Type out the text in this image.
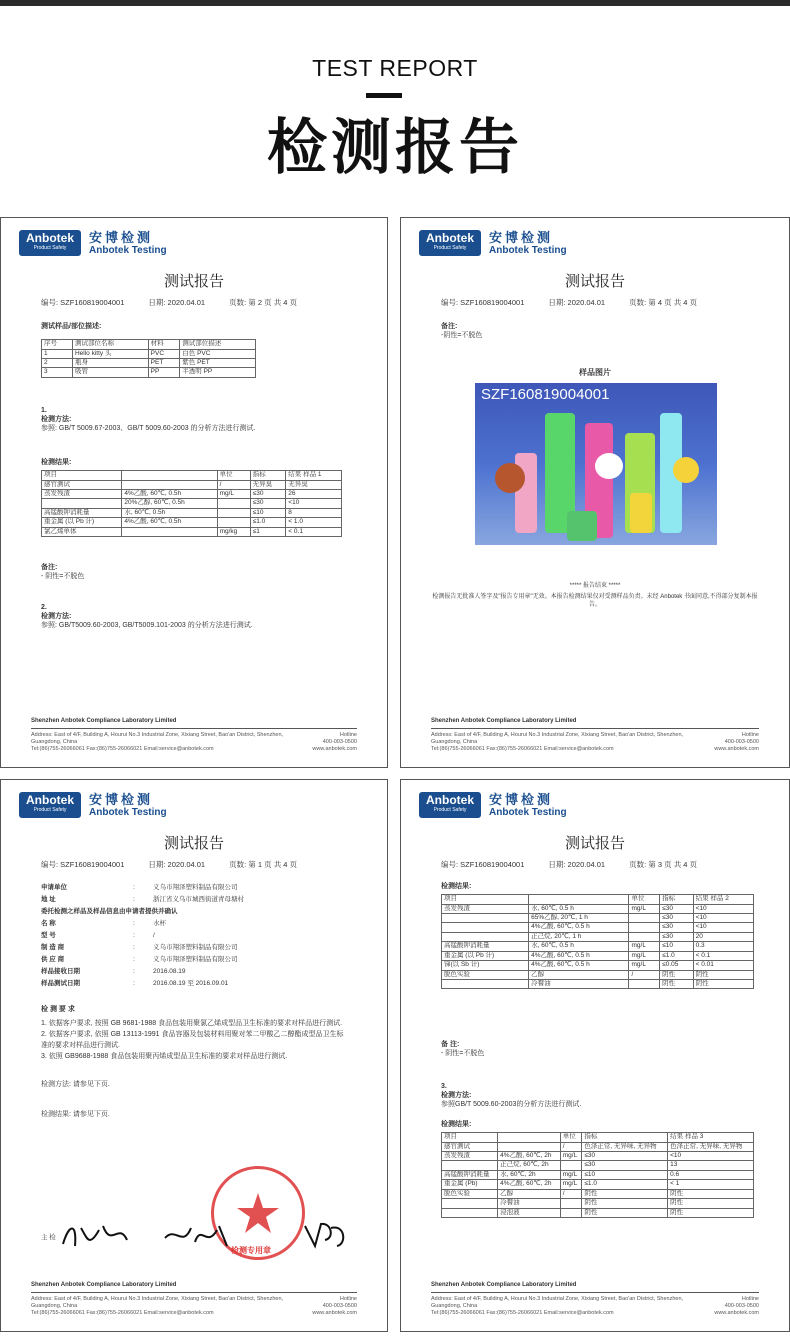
TEST REPORT
检测报告
Anbotek
Product Safety
安博检测
Anbotek Testing
测试报告
编号: SZF160819004001	日期: 2020.04.01	页数: 第 2 页 共 4 页
测试样品/部位描述:
序号	测试部位名称	材料	测试部位描述
1	Hello kitty 头	PVC	白色 PVC
2	瓶身	PET	紫色 PET
3	吸管	PP	半透明 PP
1.
检测方法:
参照: GB/T 5009.67-2003、GB/T 5009.60-2003 的分析方法进行测试.
检测结果:
项目		单位	指标	结果 样品 1
感官测试		/	无异臭	无异臭
蒸发残渣	4%乙酸, 60℃, 0.5h	mg/L	≤30	26
	20%乙醇, 60℃, 0.5h		≤30	<10
高锰酸钾消耗量	水, 60℃, 0.5h		≤10	8
重金属 (以 Pb 计)	4%乙酸, 60℃, 0.5h		≤1.0	< 1.0
氯乙烯单体		mg/kg	≤1	< 0.1
备注:
- 阴性=不脱色
2.
检测方法:
参照: GB/T5009.60-2003, GB/T5009.101-2003 的分析方法进行测试.
Shenzhen Anbotek Compliance Laboratory Limited
Address: East of 4/F, Building A, Hourui No.3 Industrial Zone, Xixiang Street, Bao'an District, Shenzhen, Guangdong, China
Tel:(86)755-26066061 Fax:(86)755-26066021 Email:service@anbotek.com
Hotline
400-003-0500
www.anbotek.com
Anbotek
Product Safety
安博检测
Anbotek Testing
测试报告
编号: SZF160819004001	日期: 2020.04.01	页数: 第 4 页 共 4 页
备注:
-阴性=不脱色
样品图片
SZF160819004001
***** 报告结束 *****
检测报告无批准人签字及"报告专用章"无效。本报告检测结果仅对受测样品负责。未经 Anbotek 书面同意,不得部分复制本报告。
Shenzhen Anbotek Compliance Laboratory Limited
Address: East of 4/F, Building A, Hourui No.3 Industrial Zone, Xixiang Street, Bao'an District, Shenzhen, Guangdong, China
Tel:(86)755-26066061 Fax:(86)755-26066021 Email:service@anbotek.com
Hotline
400-003-0500
www.anbotek.com
Anbotek
Product Safety
安博检测
Anbotek Testing
测试报告
编号: SZF160819004001	日期: 2020.04.01	页数: 第 1 页 共 4 页
申请单位	:	义乌市翔泽塑料制品有限公司
地 址	:	浙江省义乌市城西街道青母塘村
委托检测之样品及样品信息由申请者提供并确认
名 称	:	水杯
型 号	:	/
制 造 商	:	义乌市翔泽塑料制品有限公司
供 应 商	:	义乌市翔泽塑料制品有限公司
样品接收日期	:	2016.08.19
样品测试日期	:	2016.08.19 至 2016.09.01
检 测 要 求
1. 依据客户要求, 按照 GB 9681-1988 食品包装用聚氯乙烯成型品卫生标准的要求对样品进行测试.
2. 依据客户要求, 依照 GB 13113-1991 食品容器及包装材料用聚对苯二甲酸乙二醇酯成型品卫生标准的要求对样品进行测试.
3. 依照 GB9688-1988 食品包装用聚丙烯成型品卫生标准的要求对样品进行测试.
检测方法: 请参见下页.
检测结果: 请参见下页.
检测专用章
主 检
Shenzhen Anbotek Compliance Laboratory Limited
Address: East of 4/F, Building A, Hourui No.3 Industrial Zone, Xixiang Street, Bao'an District, Shenzhen, Guangdong, China
Tel:(86)755-26066061 Fax:(86)755-26066021 Email:service@anbotek.com
Hotline
400-003-0500
www.anbotek.com
Anbotek
Product Safety
安博检测
Anbotek Testing
测试报告
编号: SZF160819004001	日期: 2020.04.01	页数: 第 3 页 共 4 页
检测结果:
项目		单位	指标	结果 样品 2
蒸发残渣	水, 60℃, 0.5 h	mg/L	≤30	<10
	65%乙醇, 20℃, 1 h		≤30	<10
	4%乙酸, 60℃, 0.5 h		≤30	<10
	正己烷, 20℃, 1 h		≤30	20
高锰酸钾消耗量	水, 60℃, 0.5 h	mg/L	≤10	0.3
重金属 (以 Pb 计)	4%乙酸, 60℃, 0.5 h	mg/L	≤1.0	< 0.1
锑(以 Sb 计)	4%乙酸, 60℃, 0.5 h	mg/L	≤0.05	< 0.01
脱色实验	乙醇	/	阴性	阴性
	冷餐油		阴性	阴性
备 注:
- 阴性=不脱色
3.
检测方法:
参照GB/T 5009.60-2003的分析方法进行测试.
检测结果:
项目		单位	指标	结果 样品 3
感官测试		/	色泽正常, 无异味, 无异物	色泽正常, 无异味, 无异物
蒸发残渣	4%乙酸, 60℃, 2h	mg/L	≤30	<10
	正己烷, 60℃, 2h		≤30	13
高锰酸钾消耗量	水, 60℃, 2h	mg/L	≤10	0.6
重金属 (Pb)	4%乙酸, 60℃, 2h	mg/L	≤1.0	< 1
脱色实验	乙醇	/	阴性	阴性
	冷餐油		阴性	阴性
	浸泡液		阴性	阴性
Shenzhen Anbotek Compliance Laboratory Limited
Address: East of 4/F, Building A, Hourui No.3 Industrial Zone, Xixiang Street, Bao'an District, Shenzhen, Guangdong, China
Tel:(86)755-26066061 Fax:(86)755-26066021 Email:service@anbotek.com
Hotline
400-003-0500
www.anbotek.com
